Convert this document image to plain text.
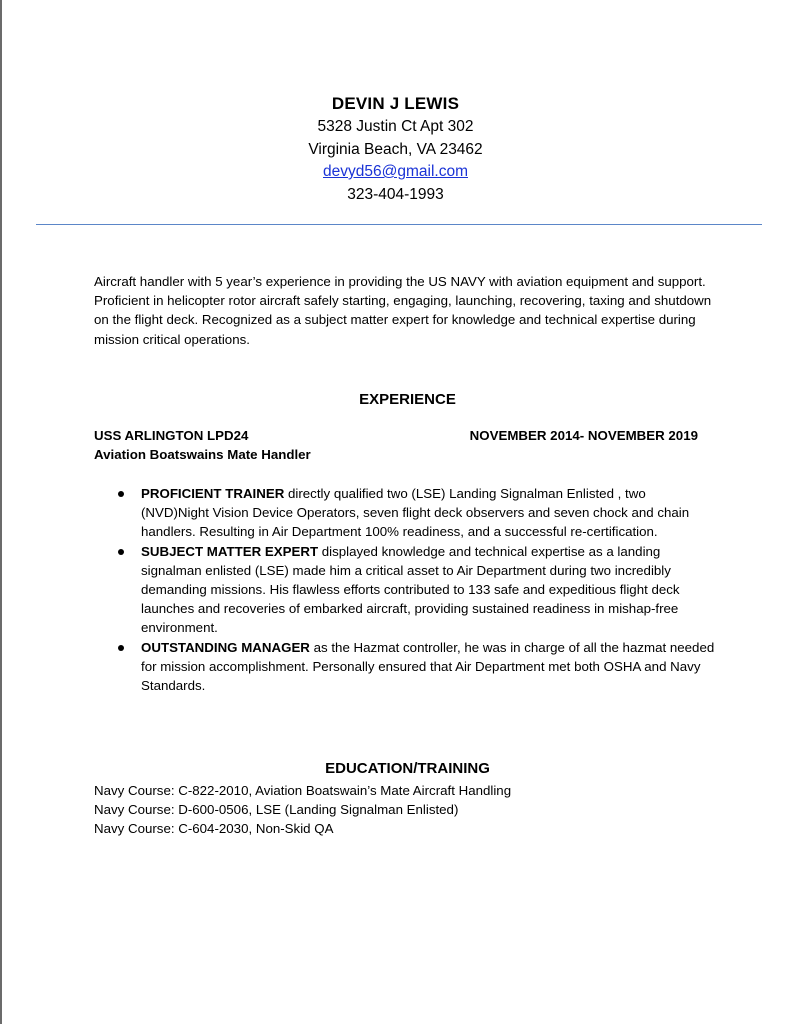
DEVIN J LEWIS
5328 Justin Ct Apt 302
Virginia Beach, VA 23462
devyd56@gmail.com
323-404-1993
Aircraft handler with 5 year’s experience in providing the US NAVY with aviation equipment and support. Proficient in helicopter rotor aircraft safely starting, engaging, launching, recovering, taxing and shutdown on the flight deck. Recognized as a subject matter expert for knowledge and technical expertise during mission critical operations.
EXPERIENCE
USS ARLINGTON LPD24	NOVEMBER 2014- NOVEMBER 2019
Aviation Boatswains Mate Handler
PROFICIENT TRAINER directly qualified two (LSE) Landing Signalman Enlisted , two (NVD)Night Vision Device Operators, seven flight deck observers and seven chock and chain handlers. Resulting in Air Department 100% readiness, and a successful re-certification.
SUBJECT MATTER EXPERT displayed knowledge and technical expertise as a landing signalman enlisted (LSE) made him a critical asset to Air Department during two incredibly demanding missions. His flawless efforts contributed to 133 safe and expeditious flight deck launches and recoveries of embarked aircraft, providing sustained readiness in mishap-free environment.
OUTSTANDING MANAGER as the Hazmat controller, he was in charge of all the hazmat needed for mission accomplishment. Personally ensured that Air Department met both OSHA and Navy Standards.
EDUCATION/TRAINING
Navy Course: C-822-2010, Aviation Boatswain’s Mate Aircraft Handling
Navy Course: D-600-0506, LSE (Landing Signalman Enlisted)
Navy Course: C-604-2030, Non-Skid QA
